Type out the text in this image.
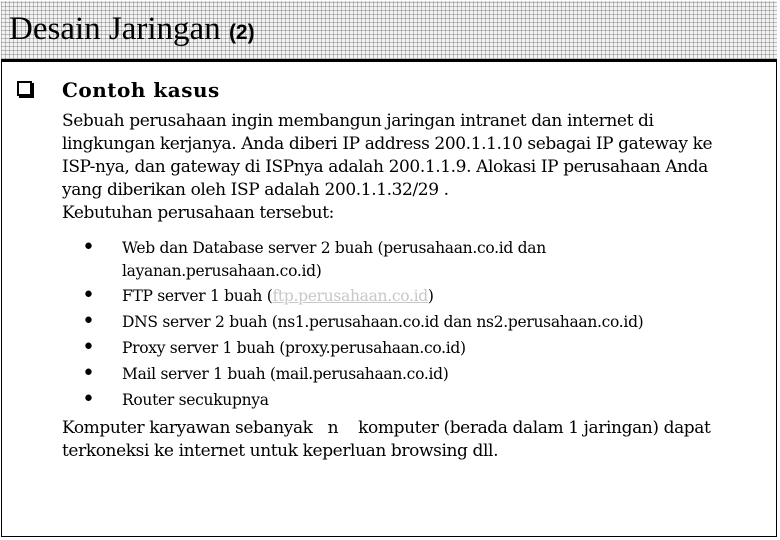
Desain Jaringan (2)
Contoh kasus

Sebuah perusahaan ingin membangun jaringan intranet dan internet di

lingkungan kerjanya. Anda diberi IP address 200.1.1.10 sebagai IP gateway ke

ISP-nya, dan gateway di ISPnya adalah 200.1.1.9. Alokasi IP perusahaan Anda

yang diberikan oleh ISP adalah 200.1.1.32/29 .

Kebutuhan perusahaan tersebut:

• Web dan Database server 2 buah (perusahaan.co.id dan
layanan.perusahaan.co.id)
• FTP server 1 buah (ftp.perusahaan.co.id)
• DNS server 2 buah (ns1.perusahaan.co.id dan ns2.perusahaan.co.id)
• Proxy server 1 buah (proxy.perusahaan.co.id)
• Mail server 1 buah (mail.perusahaan.co.id)
• Router secukupnya

Komputer karyawan sebanyak   n    komputer (berada dalam 1 jaringan) dapat

terkoneksi ke internet untuk keperluan browsing dll.
